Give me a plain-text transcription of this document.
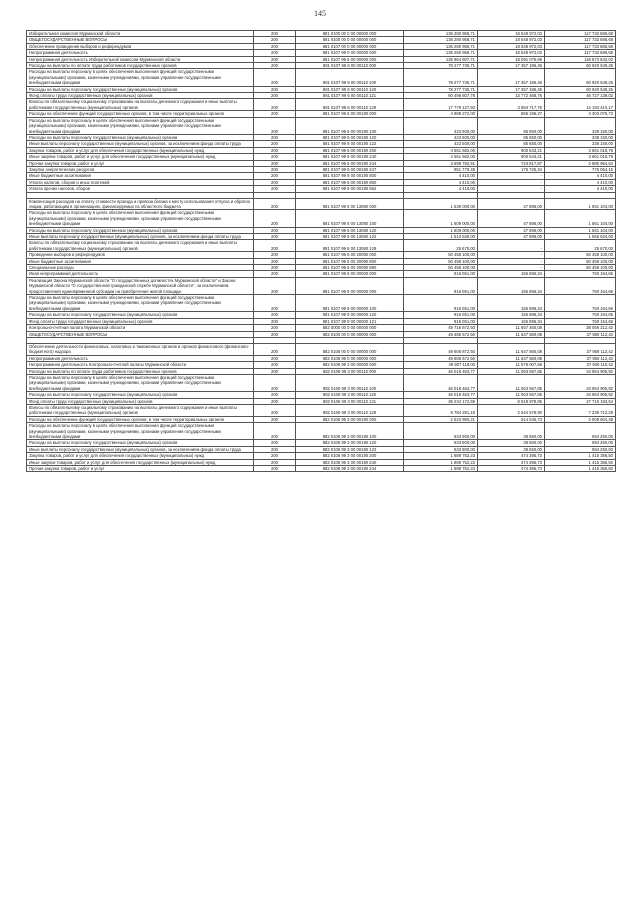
145
Избирательная комиссия Мурманской области	200	881 0100 00 0 00 00000 000	136 280 958,71	18 548 972,03	117 733 886,68
ОБЩЕГОСУДАРСТВЕННЫЕ ВОПРОСЫ	200	881 0100 00 0 00 00000 000	136 280 958,71	18 548 972,03	117 733 886,68
Обеспечение проведения выборов и референдумов	200	881 0107 00 0 00 00000 000	136 280 958,71	18 548 972,03	117 733 886,68
Непрограммная деятельность	200	881 0107 99 0 00 00000 000	136 280 958,71	18 548 972,03	117 733 886,68
Непрограммная деятельность Избирательной комиссии Мурманской области	200	881 0107 99 6 00 00000 000	135 964 607,71	18 091 075,69	118 873 532,02
Расходы на выплаты по оплате труда работников государственных органов	200	881 0107 99 6 00 00110 000	78 277 735,71	17 357 186,46	60 920 549,25
Расходы на выплаты персоналу в целях обеспечения выполнения функций государственными (муниципальными) органами, казенными учреждениями, органами управления государственными внебюджетными фондами	200	881 0107 99 6 00 00110 100	78 277 735,71	17 357 186,46	60 920 549,25
Расходы на выплаты персоналу государственных (муниципальных) органов	200	881 0107 99 6 00 00110 120	78 277 735,71	17 357 186,46	60 920 549,25
Фонд оплаты труда государственных (муниципальных) органов	200	881 0107 99 6 00 00110 121	60 498 607,78	13 772 468,76	46 727 139,02
Взносы по обязательному социальному страхованию на выплаты денежного содержания и иные выплаты работникам государственных (муниципальных) органов	200	881 0107 99 6 00 00110 129	17 779 127,93	3 584 717,76	14 193 410,17
Расходы на обеспечение функций государственных органов, в том числе территориальных органов	200	881 0107 99 6 00 00190 000	4 989 272,00	666 195,27	4 303 076,73
Расходы на выплаты персоналу в целях обеспечения выполнения функций государственными (муниципальными) органами, казенными учреждениями, органами управления государственными внебюджетными фондами	200	881 0107 99 6 00 00190 100	423 500,00	85 650,00	338 150,00
Расходы на выплаты персоналу государственных (муниципальных) органов	200	881 0107 99 6 00 00190 120	423 500,00	85 650,00	338 150,00
Иные выплаты персоналу государственных (муниципальных) органов, за исключением фонда оплаты труда	200	881 0107 99 6 00 00190 122	423 500,00	85 650,00	338 150,00
Закупка товаров, работ и услуг для обеспечения государственных (муниципальных) нужд	200	881 0107 99 6 00 00190 200	4 561 562,00	900 543,21	3 661 018,79
Иные закупки товаров, работ и услуг для обеспечения государственных (муниципальных) нужд	200	881 0107 99 6 00 00190 240	4 561 562,00	900 543,21	3 661 018,79
Прочая закупка товаров, работ и услуг	200	881 0107 99 6 00 00190 244	3 699 782,51	723 817,87	2 885 964,64
Закупка энергетических ресурсов	200	881 0107 99 6 00 00190 247	951 779,49	176 725,34	775 054,15
Иные бюджетные ассигнования	200	881 0107 99 6 00 00190 800	4 410,00	-	4 410,00
Уплата налогов, сборов и иных платежей	200	881 0107 99 6 00 00190 850	4 410,00	-	4 410,00
Уплата прочих налогов, сборов	200	881 0107 99 6 00 00190 852	4 410,00	-	4 410,00

Компенсация расходов на оплату стоимости проезда и провоза багажа к месту использования отпуска и обратно лицам, работающим в организациях, финансируемых из областного бюджета	200	881 0107 99 6 00 13080 000	1 639 000,00	47 896,00	1 591 104,00
Расходы на выплаты персоналу в целях обеспечения выполнения функций государственными (муниципальными) органами, казенными учреждениями, органами управления государственными внебюджетными фондами	200	881 0107 99 6 00 13080 100	1 609 000,00	47 896,00	1 561 104,00
Расходы на выплаты персоналу государственных (муниципальных) органов	200	881 0107 99 6 00 13080 120	1 609 000,00	47 896,00	1 561 104,00
Иные выплаты персоналу государственных (муниципальных) органов, за исключением фонда оплаты труда	200	881 0107 99 6 00 13080 122	1 613 530,00	47 896,00	1 565 634,00
Взносы по обязательному социальному страхованию на выплаты денежного содержания и иные выплаты работникам государственных (муниципальных) органов	200	881 0107 99 6 00 13080 129	25 670,00	-	25 670,00
Проведение выборов и референдумов	200	881 0107 99 6 00 20090 000	50 458 100,00	-	50 458 100,00
Иные бюджетные ассигнования	200	881 0107 99 6 00 20090 800	50 458 100,00	-	50 458 100,00
Специальные расходы	200	881 0107 99 6 00 20090 880	50 458 100,00	-	50 458 100,00
Иная непрограммная деятельность	200	881 0107 99 9 00 00000 000	916 051,00	155 896,34	760 154,66
Реализация Закона Мурманской области "О государственных должностях Мурманской области" и Закона Мурманской области "О государственной гражданской службе Мурманской области", за исключением предоставления единовременной субсидии на приобретение жилой площади	200	881 0107 99 9 00 00000 000	916 051,00	155 896,34	760 154,66
Расходы на выплаты персоналу в целях обеспечения выполнения функций государственными (муниципальными) органами, казенными учреждениями, органами управления государственными внебюджетными фондами	200	881 0107 99 9 00 00000 100	916 051,00	155 896,34	760 154,66
Расходы на выплаты персоналу государственных (муниципальных) органов	200	881 0107 99 9 00 00000 120	916 051,00	155 896,34	760 154,66
Фонд оплаты труда государственных (муниципальных) органов	200	881 0107 99 9 00 00000 121	916 051,00	155 896,34	760 154,66
Контрольно-счетная палата Мурманской области	200	882 0000 00 0 00 00000 000	49 716 672,50	11 657 460,08	38 059 212,42
ОБЩЕГОСУДАРСТВЕННЫЕ ВОПРОСЫ	200	882 0100 00 0 00 00000 000	49 486 672,50	11 647 560,08	37 959 112,42

Обеспечение деятельности финансовых, налоговых и таможенных органов и органов финансового (финансово-бюджетного) надзора	200	882 0106 00 0 00 00000 000	49 606 672,50	11 647 560,08	37 959 112,42
Непрограммная деятельность	200	882 0106 99 0 00 00000 000	49 606 672,50	11 647 560,08	37 959 112,42
Непрограммная деятельность Контрольно-счетной палаты Мурманской области	200	882 0106 99 3 00 00000 000	49 507 118,00	11 576 007,58	37 930 110,42
Расходы на выплаты по оплате труда работников государственных органов	200	882 0106 99 3 00 00110 000	46 018 463,77	11 063 557,85	34 954 905,92
Расходы на выплаты персоналу в целях обеспечения выполнения функций государственными (муниципальными) органами, казенными учреждениями, органами управления государственными внебюджетными фондами	200	882 0106 99 3 00 00110 100	46 018 463,77	11 063 557,85	34 954 905,92
Расходы на выплаты персоналу государственных (муниципальных) органов	200	882 0106 99 3 00 00110 120	46 018 463,77	11 063 557,85	34 954 905,92
Фонд оплаты труда государственных (муниципальных) органов	200	882 0106 99 3 00 00110 121	36 234 172,59	8 518 978,95	27 715 193,64
Взносы по обязательному социальному страхованию на выплаты денежного содержания и иные выплаты работникам государственных (муниципальных) органов	200	882 0106 99 3 00 00110 129	9 784 291,18	2 544 578,90	7 239 712,28
Расходы на обеспечение функций государственных органов, в том числе территориальных органов	200	882 0106 99 3 00 00190 000	2 523 950,21	514 045,73	2 009 604,48
Расходы на выплаты персоналу в целях обеспечения выполнения функций государственными (муниципальными) органами, казенными учреждениями, органами управления государственными внебюджетными фондами	200	882 0106 99 3 00 00190 100	633 900,00	39 650,00	594 250,00
Расходы на выплаты персоналу государственных (муниципальных) органов	200	882 0106 99 3 00 00190 120	633 900,00	39 650,00	594 250,00
Иные выплаты персоналу государственных (муниципальных) органов, за исключением фонда оплаты труда	200	882 0106 99 3 00 00190 122	633 900,00	39 650,00	594 250,00
Закупка товаров, работ и услуг для обеспечения государственных (муниципальных) нужд	200	882 0106 99 3 00 00190 200	1 889 752,23	474 395,73	1 415 356,50
Иные закупки товаров, работ и услуг для обеспечения государственных (муниципальных) нужд	200	882 0106 99 3 00 00190 240	1 889 752,23	474 395,73	1 415 356,50
Прочая закупка товаров, работ и услуг	200	882 0106 99 3 00 00190 244	1 889 752,23	474 395,73	1 415 356,50
